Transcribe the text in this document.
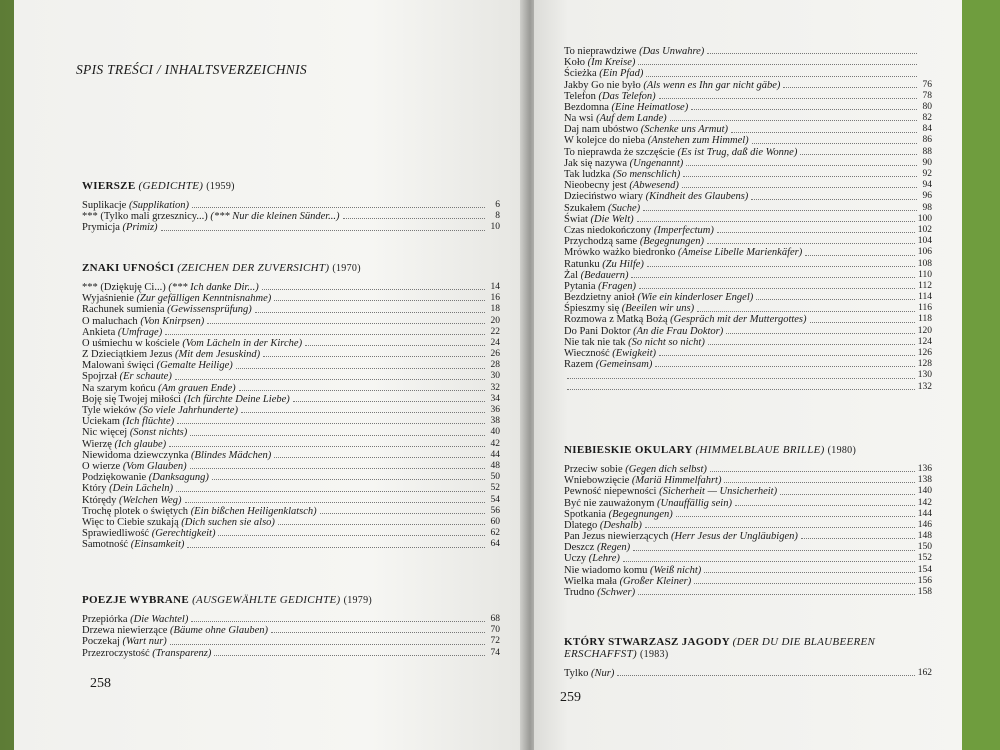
SPIS TREŚCI / INHALTSVERZEICHNIS
WIERSZE (GEDICHTE) (1959)
Suplikacje (Supplikation)	6
*** (Tylko mali grzesznicy...) (*** Nur die kleinen Sünder...)	8
Prymicja (Primiz)	10
ZNAKI UFNOŚCI (ZEICHEN DER ZUVERSICHT) (1970)
*** (Dziękuję Ci...) (*** Ich danke Dir...)	14
Wyjaśnienie (Zur gefälligen Kenntnisnahme)	16
Rachunek sumienia (Gewissensprüfung)	18
O maluchach (Von Knirpsen)	20
Ankieta (Umfrage)	22
O uśmiechu w kościele (Vom Lächeln in der Kirche)	24
Z Dzieciątkiem Jezus (Mit dem Jesuskind)	26
Malowani święci (Gemalte Heilige)	28
Spojrzał (Er schaute)	30
Na szarym końcu (Am grauen Ende)	32
Boję się Twojej miłości (Ich fürchte Deine Liebe)	34
Tyle wieków (So viele Jahrhunderte)	36
Uciekam (Ich flüchte)	38
Nic więcej (Sonst nichts)	40
Wierzę (Ich glaube)	42
Niewidoma dziewczynka (Blindes Mädchen)	44
O wierze (Vom Glauben)	48
Podziękowanie (Danksagung)	50
Który (Dein Lächeln)	52
Którędy (Welchen Weg)	54
Trochę plotek o świętych (Ein bißchen Heiligenklatsch)	56
Więc to Ciebie szukają (Dich suchen sie also)	60
Sprawiedliwość (Gerechtigkeit)	62
Samotność (Einsamkeit)	64
POEZJE WYBRANE (AUSGEWÄHLTE GEDICHTE) (1979)
Przepiórka (Die Wachtel)	68
Drzewa niewierzące (Bäume ohne Glauben)	70
Poczekaj (Wart nur)	72
Przezroczystość (Transparenz)	74
258
To nieprawdziwe (Das Unwahre)
Koło (Im Kreise)
Ścieżka (Ein Pfad)
Jakby Go nie było (Als wenn es Ihn gar nicht gäbe)	76
Telefon (Das Telefon)	78
Bezdomna (Eine Heimatlose)	80
Na wsi (Auf dem Lande)	82
Daj nam ubóstwo (Schenke uns Armut)	84
W kolejce do nieba (Anstehen zum Himmel)	86
To nieprawda że szczęście (Es ist Trug, daß die Wonne)	88
Jak się nazywa (Ungenannt)	90
Tak ludzka (So menschlich)	92
Nieobecny jest (Abwesend)	94
Dzieciństwo wiary (Kindheit des Glaubens)	96
Szukałem (Suche)	98
Świat (Die Welt)	100
Czas niedokończony (Imperfectum)	102
Przychodzą same (Begegnungen)	104
Mrówko ważko biedronko (Ameise Libelle Marienkäfer)	106
Ratunku (Zu Hilfe)	108
Żal (Bedauern)	110
Pytania (Fragen)	112
Bezdzietny anioł (Wie ein kinderloser Engel)	114
Śpieszmy się (Beeilen wir uns)	116
Rozmowa z Matką Bożą (Gespräch mit der Muttergottes)	118
Do Pani Doktor (An die Frau Doktor)	120
Nie tak nie tak (So nicht so nicht)	124
Wieczność (Ewigkeit)	126
Razem (Gemeinsam)	128
130
132
NIEBIESKIE OKULARY (HIMMELBLAUE BRILLE) (1980)
Przeciw sobie (Gegen dich selbst)	136
Wniebowzięcie (Mariä Himmelfahrt)	138
Pewność niepewności (Sicherheit — Unsicherheit)	140
Być nie zauważonym (Unauffällig sein)	142
Spotkania (Begegnungen)	144
Dlatego (Deshalb)	146
Pan Jezus niewierzących (Herr Jesus der Ungläubigen)	148
Deszcz (Regen)	150
Uczy (Lehre)	152
Nie wiadomo komu (Weiß nicht)	154
Wielka mała (Großer Kleiner)	156
Trudno (Schwer)	158
KTÓRY STWARZASZ JAGODY (DER DU DIE BLAUBEEREN ERSCHAFFST) (1983)
Tylko (Nur)	162
259
